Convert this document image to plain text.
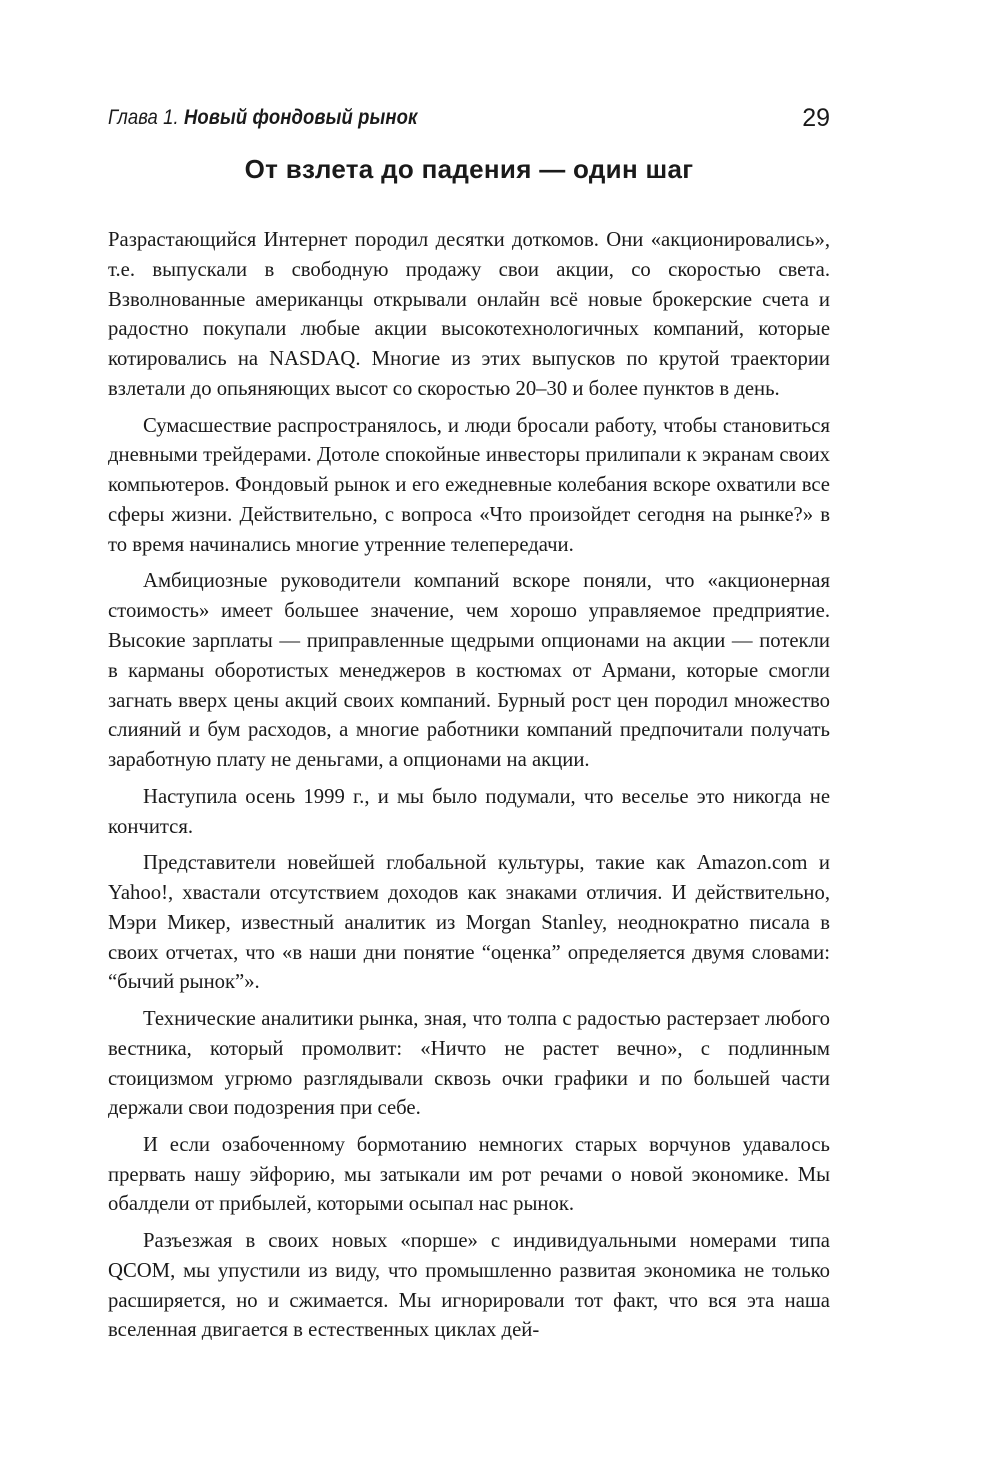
Глава 1. Новый фондовый рынок	29
От взлета до падения — один шаг

Разрастающийся Интернет породил десятки доткомов. Они «акционировались», т.е. выпускали в свободную продажу свои акции, со скоростью света. Взволнованные американцы открывали онлайн всё новые брокерские счета и радостно покупали любые акции высокотехнологичных компаний, которые котировались на NASDAQ. Многие из этих выпусков по крутой траектории взлетали до опьяняющих высот со скоростью 20–30 и более пунктов в день.

Сумасшествие распространялось, и люди бросали работу, чтобы становиться дневными трейдерами. Дотоле спокойные инвесторы прилипали к экранам своих компьютеров. Фондовый рынок и его ежедневные колебания вскоре охватили все сферы жизни. Действительно, с вопроса «Что произойдет сегодня на рынке?» в то время начинались многие утренние телепередачи.

Амбициозные руководители компаний вскоре поняли, что «акционерная стоимость» имеет большее значение, чем хорошо управляемое предприятие. Высокие зарплаты — приправленные щедрыми опционами на акции — потекли в карманы оборотистых менеджеров в костюмах от Армани, которые смогли загнать вверх цены акций своих компаний. Бурный рост цен породил множество слияний и бум расходов, а многие работники компаний предпочитали получать заработную плату не деньгами, а опционами на акции.

Наступила осень 1999 г., и мы было подумали, что веселье это никогда не кончится.

Представители новейшей глобальной культуры, такие как Amazon.​com и Yahoo!, хвастали отсутствием доходов как знаками отличия. И действительно, Мэри Микер, известный аналитик из Morgan Stanley, неоднократно писала в своих отчетах, что «в наши дни понятие “оценка” определяется двумя словами: “бычий рынок”».

Технические аналитики рынка, зная, что толпа с радостью растерзает любого вестника, который промолвит: «Ничто не растет вечно», с подлинным стоицизмом угрюмо разглядывали сквозь очки графики и по большей части держали свои подозрения при себе.

И если озабоченному бормотанию немногих старых ворчунов удавалось прервать нашу эйфорию, мы затыкали им рот речами о новой экономике. Мы обалдели от прибылей, которыми осыпал нас рынок.

Разъезжая в своих новых «порше» с индивидуальными номерами типа QCOM, мы упустили из виду, что промышленно развитая экономика не только расширяется, но и сжимается. Мы игнорировали тот факт, что вся эта наша вселенная двигается в естественных циклах дей-
